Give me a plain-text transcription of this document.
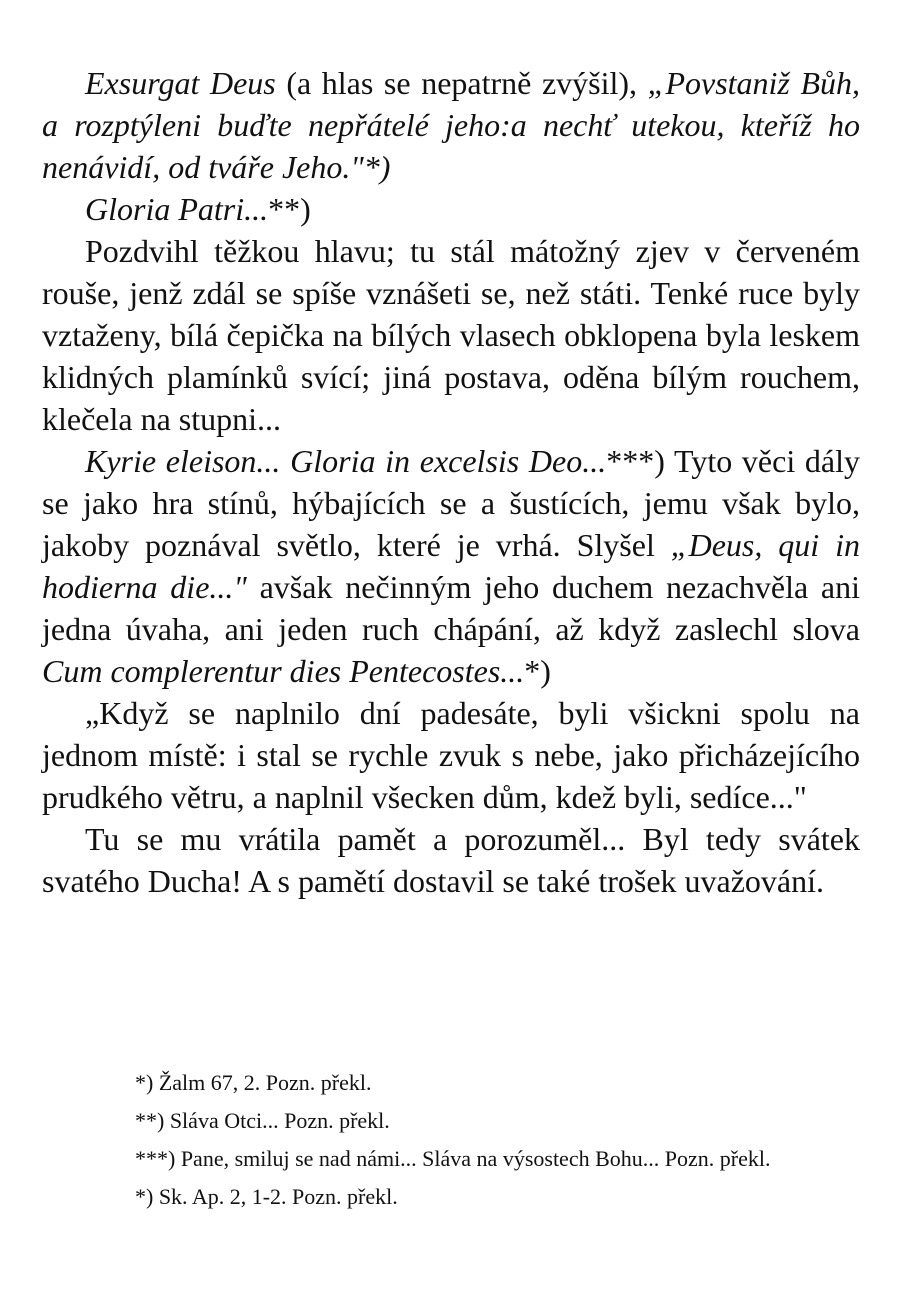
Exsurgat Deus (a hlas se nepatrně zvýšil), „Povstaniž Bůh, a rozptýleni buďte nepřátelé jeho:a nechť utekou, kteříž ho nenávidí, od tváře Jeho."*)

Gloria Patri...**)

Pozdvihl těžkou hlavu; tu stál mátožný zjev v červeném rouše, jenž zdál se spíše vznášeti se, než státi. Tenké ruce byly vztaženy, bílá čepička na bílých vlasech obklopena byla leskem klidných plamínků svící; jiná postava, oděna bílým rouchem, klečela na stupni...

Kyrie eleison... Gloria in excelsis Deo...***) Tyto věci dály se jako hra stínů, hýbajících se a šustících, jemu však bylo, jakoby poznával světlo, které je vrhá. Slyšel „Deus, qui in hodierna die..." avšak nečinným jeho duchem nezachvěla ani jedna úvaha, ani jeden ruch chápání, až když zaslechl slova Cum complerentur dies Pentecostes...*)

„Když se naplnilo dní padesáte, byli všickni spolu na jednom místě: i stal se rychle zvuk s nebe, jako přicházejícího prudkého větru, a naplnil všecken dům, kdež byli, sedíce..."

Tu se mu vrátila pamět a porozuměl... Byl tedy svátek svatého Ducha! A s pamětí dostavil se také trošek uvažování.

*) Žalm 67, 2. Pozn. překl.

**) Sláva Otci... Pozn. překl.

***) Pane, smiluj se nad námi... Sláva na výsostech Bohu... Pozn. překl.

*) Sk. Ap. 2, 1-2. Pozn. překl.
